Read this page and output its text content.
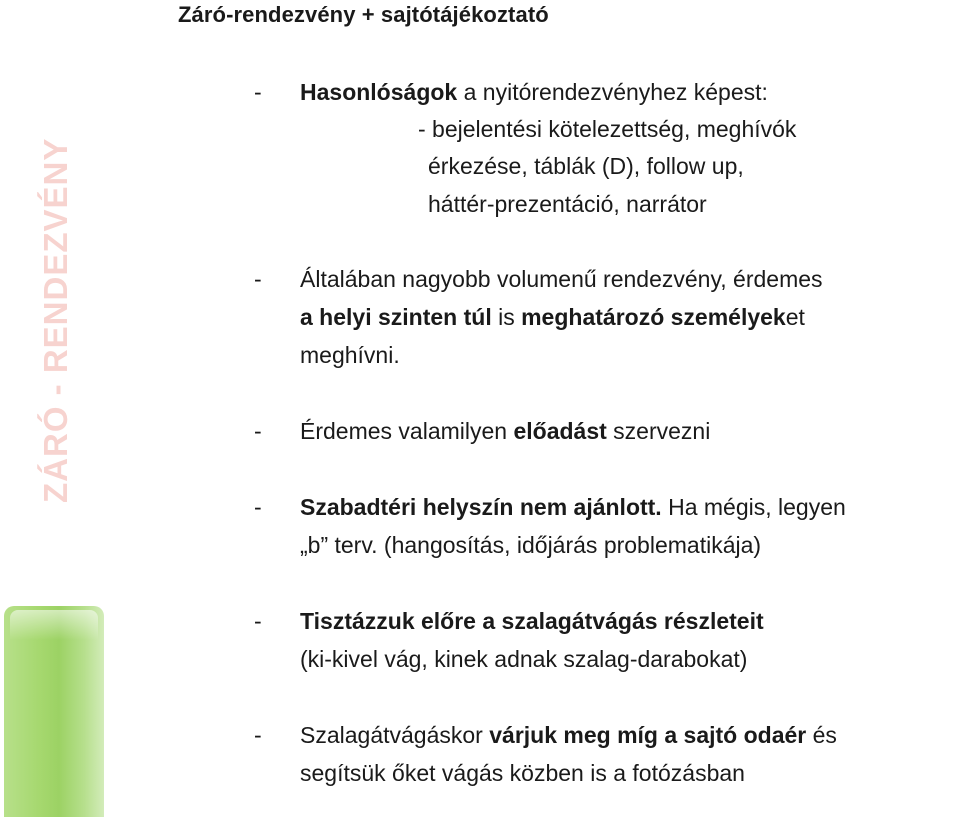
Záró-rendezvény + sajtótájékoztató
ZÁRÓ - RENDEZVÉNY
- Hasonlóságok a nyitórendezvényhez képest:
- bejelentési kötelezettség, meghívók
érkezése, táblák (D), follow up,
háttér-prezentáció, narrátor
- Általában nagyobb volumenű rendezvény, érdemes
a helyi szinten túl is meghatározó személyeket
meghívni.
- Érdemes valamilyen előadást szervezni
- Szabadtéri helyszín nem ajánlott. Ha mégis, legyen
„b” terv. (hangosítás, időjárás problematikája)
- Tisztázzuk előre a szalagátvágás részleteit
(ki-kivel vág, kinek adnak szalag-darabokat)
- Szalagátvágáskor várjuk meg míg a sajtó odaér és
segítsük őket vágás közben is a fotózásban
